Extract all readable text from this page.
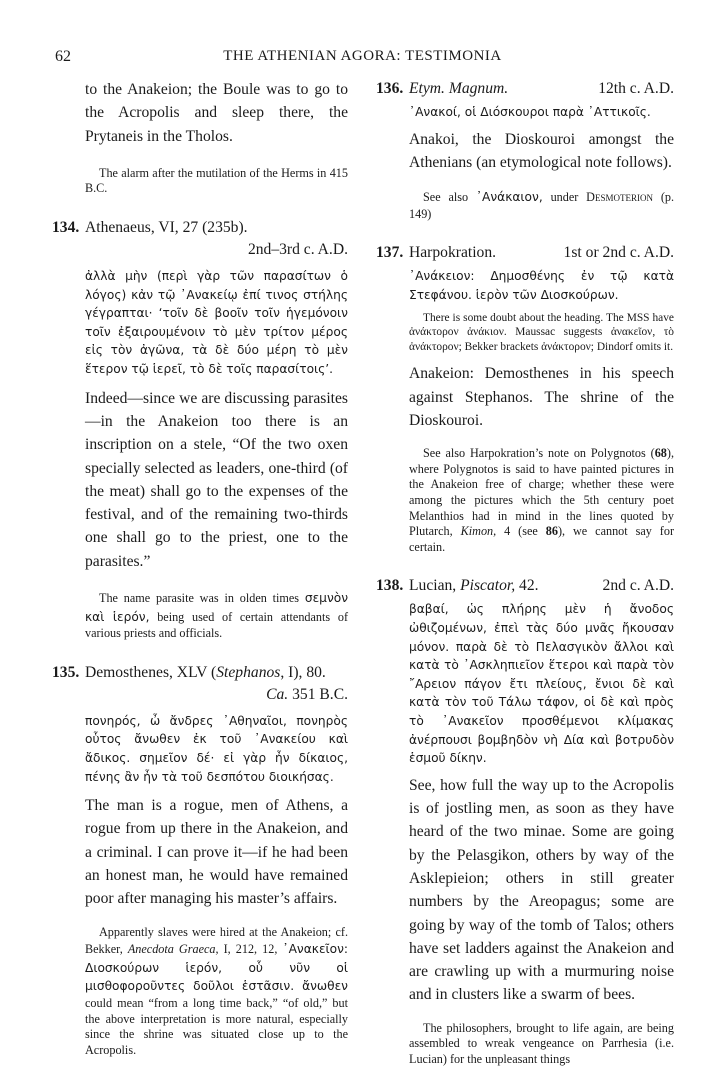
62	THE ATHENIAN AGORA: TESTIMONIA

to the Anakeion; the Boule was to go to the Acropolis and sleep there, the Prytaneis in the Tholos.

The alarm after the mutilation of the Herms in 415 B.C.

134. Athenaeus, VI, 27 (235b).
2nd–3rd c. A.D.

ἀλλὰ μὴν (περὶ γὰρ τῶν παρασίτων ὁ λόγος) κἀν τῷ ᾿Ανακείῳ ἐπί τινος στήλης γέγραπται· ‘τοῖν δὲ βοοῖν τοῖν ἡγεμόνοιν τοῖν ἐξαιρουμένοιν τὸ μὲν τρίτον μέρος εἰς τὸν ἀγῶνα, τὰ δὲ δύο μέρη τὸ μὲν ἕτερον τῷ ἱερεῖ, τὸ δὲ τοῖς παρασίτοις’.

Indeed—since we are discussing parasites—in the Anakeion too there is an inscription on a stele, “Of the two oxen specially selected as leaders, one-third (of the meat) shall go to the expenses of the festival, and of the remaining two-thirds one shall go to the priest, one to the parasites.”

The name parasite was in olden times σεμνὸν καὶ ἱερόν, being used of certain attendants of various priests and officials.

135. Demosthenes, XLV (Stephanos, I), 80.
Ca. 351 B.C.

πονηρός, ὦ ἄνδρες ᾿Αθηναῖοι, πονηρὸς οὗτος ἄνωθεν ἐκ τοῦ ᾿Ανακείου καὶ ἄδικος. σημεῖον δέ· εἰ γὰρ ἦν δίκαιος, πένης ἂν ἦν τὰ τοῦ δεσπότου διοικήσας.

The man is a rogue, men of Athens, a rogue from up there in the Anakeion, and a criminal. I can prove it—if he had been an honest man, he would have remained poor after managing his master’s affairs.

Apparently slaves were hired at the Anakeion; cf. Bekker, Anecdota Graeca, I, 212, 12, ᾿Ανακεῖον: Διοσκούρων ἱερόν, οὗ νῦν οἱ μισθοφοροῦντες δοῦλοι ἑστᾶσιν. ἄνωθεν could mean “from a long time back,” “of old,” but the above interpretation is more natural, especially since the shrine was situated close up to the Acropolis.

136. Etym. Magnum.	12th c. A.D.

᾿Ανακοί, οἱ Διόσκουροι παρὰ ᾿Αττικοῖς.

Anakoi, the Dioskouroi amongst the Athenians (an etymological note follows).

See also ᾿Ανάκαιον, under Desmoterion (p. 149)

137. Harpokration.	1st or 2nd c. A.D.

᾿Ανάκειον: Δημοσθένης ἐν τῷ κατὰ Στεφάνου. ἱερὸν τῶν Διοσκούρων.

There is some doubt about the heading. The MSS have ἀνάκτορον ἀνάκιον. Maussac suggests ἀνακεῖον, τὸ ἀνάκτορον; Bekker brackets ἀνάκτορον; Dindorf omits it.

Anakeion: Demosthenes in his speech against Stephanos. The shrine of the Dioskouroi.

See also Harpokration’s note on Polygnotos (68), where Polygnotos is said to have painted pictures in the Anakeion free of charge; whether these were among the pictures which the 5th century poet Melanthios had in mind in the lines quoted by Plutarch, Kimon, 4 (see 86), we cannot say for certain.

138. Lucian, Piscator, 42.	2nd c. A.D.

βαβαί, ὡς πλήρης μὲν ἡ ἄνοδος ὠθιζομένων, ἐπεὶ τὰς δύο μνᾶς ἤκουσαν μόνον. παρὰ δὲ τὸ Πελασγικὸν ἄλλοι καὶ κατὰ τὸ ᾿Ασκληπιεῖον ἕτεροι καὶ παρὰ τὸν ῎Αρειον πάγον ἔτι πλείους, ἔνιοι δὲ καὶ κατὰ τὸν τοῦ Τάλω τάφον, οἱ δὲ καὶ πρὸς τὸ ᾿Ανακεῖον προσθέμενοι κλίμακας ἀνέρπουσι βομβηδὸν νὴ Δία καὶ βοτρυδὸν ἑσμοῦ δίκην.

See, how full the way up to the Acropolis is of jostling men, as soon as they have heard of the two minae. Some are going by the Pelasgikon, others by way of the Asklepieion; others in still greater numbers by the Areopagus; some are going by way of the tomb of Talos; others have set ladders against the Anakeion and are crawling up with a murmuring noise and in clusters like a swarm of bees.

The philosophers, brought to life again, are being assembled to wreak vengeance on Parrhesia (i.e. Lucian) for the unpleasant things
